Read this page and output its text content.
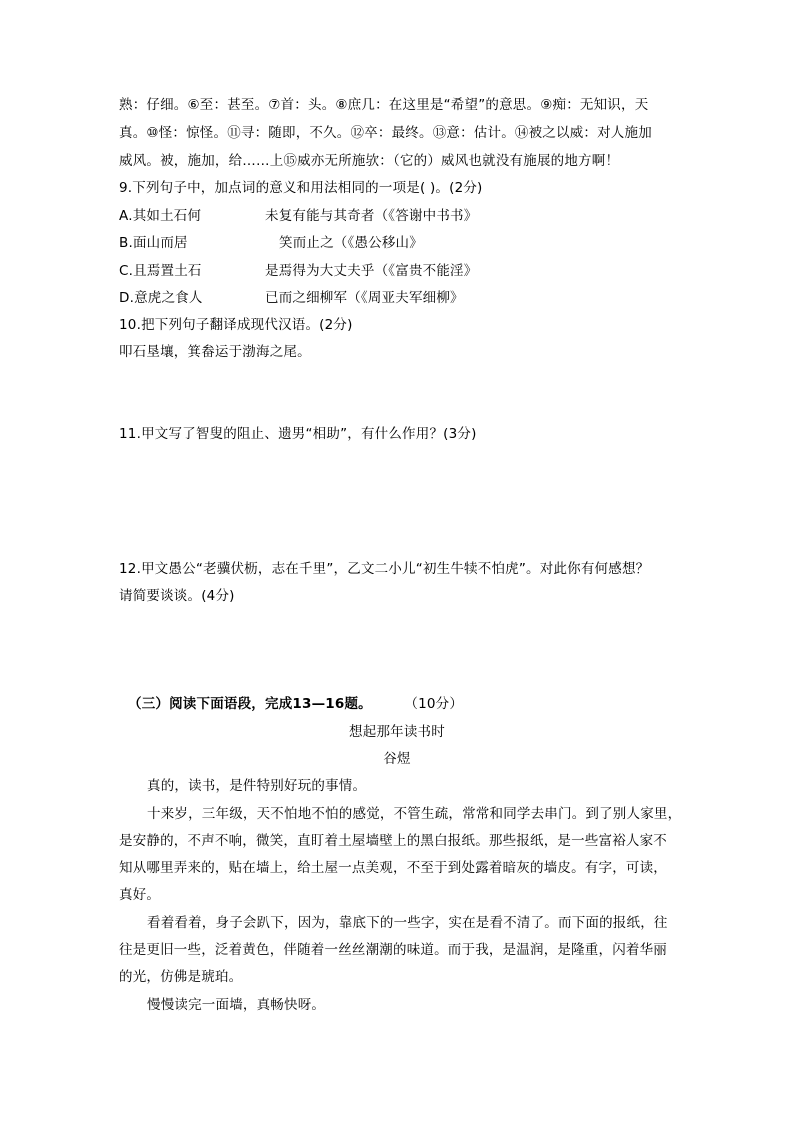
熟：仔细。⑥至：甚至。⑦首：头。⑧庶几：在这里是“希望”的意思。⑨痴：无知识，天
真。⑩怪：惊怪。⑪寻：随即，不久。⑫卒：最终。⑬意：估计。⑭被之以威：对人施加
威风。被，施加，给……上⑮威亦无所施欤：（它的）威风也就没有施展的地方啊！
9.下列句子中，加点词的意义和用法相同的一项是( )。(2分)
A.其如土石何	未复有能与其奇者（《答谢中书书》
B.面山而居	笑而止之（《愚公移山》
C.且焉置土石	是焉得为大丈夫乎（《富贵不能淫》
D.意虎之食人	已而之细柳军（《周亚夫军细柳》
10.把下列句子翻译成现代汉语。(2分)
叩石垦壤，箕畚运于渤海之尾。
11.甲文写了智叟的阻止、遗男“相助”，有什么作用？(3分)
12.甲文愚公“老骥伏枥，志在千里”，乙文二小儿“初生牛犊不怕虎”。对此你有何感想？
请简要谈谈。(4分)
（三）阅读下面语段，完成13—16题。 （10分）
想起那年读书时
谷煜
真的，读书，是件特别好玩的事情。
十来岁，三年级，天不怕地不怕的感觉，不管生疏，常常和同学去串门。到了别人家里，
是安静的，不声不响，微笑，直盯着土屋墙壁上的黑白报纸。那些报纸，是一些富裕人家不
知从哪里弄来的，贴在墙上，给土屋一点美观，不至于到处露着暗灰的墙皮。有字，可读，
真好。
看着看着，身子会趴下，因为，靠底下的一些字，实在是看不清了。而下面的报纸，往
往是更旧一些，泛着黄色，伴随着一丝丝潮潮的味道。而于我，是温润，是隆重，闪着华丽
的光，仿佛是琥珀。
慢慢读完一面墙，真畅快呀。
